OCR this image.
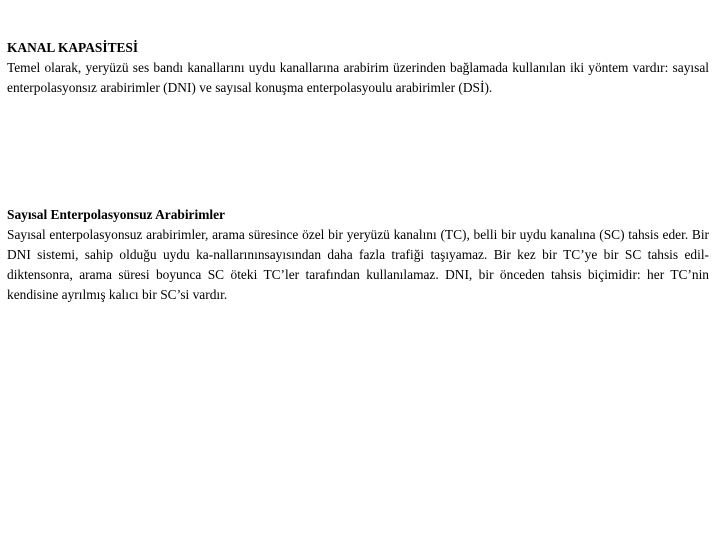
KANAL KAPASİTESİ

Temel olarak, yeryüzü ses bandı kanallarını uydu kanallarına arabirim üzerinden bağlamada kullanılan iki yöntem vardır: sayısal enterpolasyonsız arabirimler (DNI) ve sayısal konuşma enterpolasyoulu arabirimler (DSİ).

Sayısal Enterpolasyonsuz Arabirimler

Sayısal enterpolasyonsuz arabirimler, arama süresince özel bir yeryüzü kanalını (TC), belli bir uydu kanalına (SC) tahsis eder. Bir DNI sistemi, sahip olduğu uydu ka-nallarınınsayısından daha fazla trafiği taşıyamaz. Bir kez bir TC’ye bir SC tahsis edil-diktensonra, arama süresi boyunca SC öteki TC’ler tarafından kullanılamaz. DNI, bir önceden tahsis biçimidir: her TC’nin kendisine ayrılmış kalıcı bir SC’si vardır.
